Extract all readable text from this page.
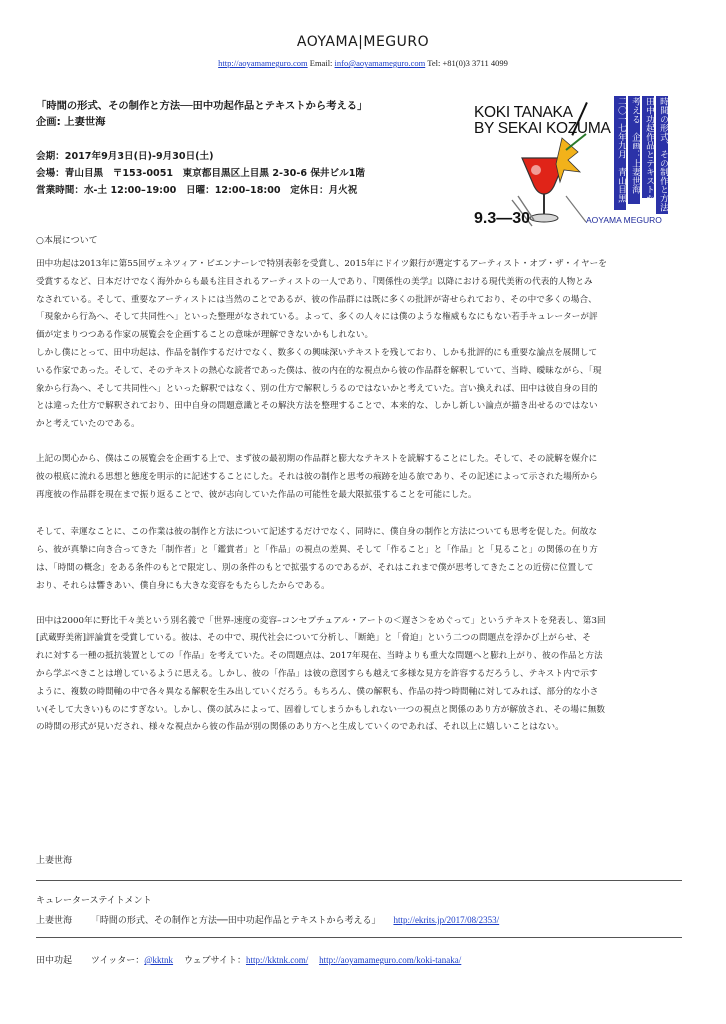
AOYAMA|MEGURO
http://aoyamameguro.com Email: info@aoyamameguro.com Tel: +81(0)3 3711 4099
「時間の形式、その制作と方法──田中功起作品とテキストから考える」
企画: 上妻世海
会期：2017年9月3日(日)-9月30日(土)
会場：青山目黒　〒153-0051　東京都目黒区上目黒 2-30-6 保井ビル1階
営業時間：水-土 12:00–19:00　日曜：12:00–18:00　定休日：月火祝
KOKI TANAKA
BY SEKAI KOZUMA 二〇一七年九月　青山目黒 考える　企画：上妻世海 田中功起作品とテキストから 時間の形式、その制作と方法
9.3—30	AOYAMA MEGURO
○本展について

田中功起は2013年に第55回ヴェネツィア・ビエンナーレで特別表彰を受賞し、2015年にドイツ銀行が選定するアーティスト・オブ・ザ・イヤーを

受賞するなど、日本だけでなく海外からも最も注目されるアーティストの一人であり、『関係性の美学』以降における現代美術の代表的人物とみ

なされている。そして、重要なアーティストには当然のことであるが、彼の作品群には既に多くの批評が寄せられており、その中で多くの場合、

「現象から行為へ、そして共同性へ」といった整理がなされている。よって、多くの人々には僕のような権威もなにもない若手キュレーターが評

価が定まりつつある作家の展覧会を企画することの意味が理解できないかもしれない。

しかし僕にとって、田中功起は、作品を制作するだけでなく、数多くの興味深いテキストを残しており、しかも批評的にも重要な論点を展開して

いる作家であった。そして、そのテキストの熱心な読者であった僕は、彼の内在的な視点から彼の作品群を解釈していて、当時、曖昧ながら、「現

象から行為へ、そして共同性へ」といった解釈ではなく、別の仕方で解釈しうるのではないかと考えていた。言い換えれば、田中は彼自身の目的

とは違った仕方で解釈されており、田中自身の問題意識とその解決方法を整理することで、本来的な、しかし新しい論点が描き出せるのではない

かと考えていたのである。

上記の関心から、僕はこの展覧会を企画する上で、まず彼の最初期の作品群と膨大なテキストを読解することにした。そして、その読解を媒介に

彼の根底に流れる思想と態度を明示的に記述することにした。それは彼の制作と思考の痕跡を辿る旅であり、その記述によって示された場所から

再度彼の作品群を現在まで振り返ることで、彼が志向していた作品の可能性を最大限拡張することを可能にした。

そして、幸運なことに、この作業は彼の制作と方法について記述するだけでなく、同時に、僕自身の制作と方法についても思考を促した。何故な

ら、彼が真摯に向き合ってきた「制作者」と「鑑賞者」と「作品」の視点の差異、そして「作ること」と「作品」と「見ること」の関係の在り方

は、「時間の概念」をある条件のもとで限定し、別の条件のもとで拡張するのであるが、それはこれまで僕が思考してきたことの近傍に位置して

おり、それらは響きあい、僕自身にも大きな変容をもたらしたからである。

田中は2000年に野比千々美という別名義で「世界-速度の変容–コンセプチュアル・アートの＜遅さ＞をめぐって」というテキストを発表し、第3回

[武蔵野美術]評論賞を受賞している。彼は、その中で、現代社会について分析し、「断絶」と「脅迫」という二つの問題点を浮かび上がらせ、そ

れに対する一種の抵抗装置としての「作品」を考えていた。その問題点は、2017年現在、当時よりも重大な問題へと膨れ上がり、彼の作品と方法

から学ぶべきことは増しているように思える。しかし、彼の「作品」は彼の意図すらも越えて多様な見方を許容するだろうし、テキスト内で示す

ように、複数の時間軸の中で各々異なる解釈を生み出していくだろう。もちろん、僕の解釈も、作品の持つ時間軸に対してみれば、部分的な小さ

い(そして大きい)ものにすぎない。しかし、僕の試みによって、固着してしまうかもしれない一つの視点と関係のあり方が解放され、その場に無数

の時間の形式が見いだされ、様々な視点から彼の作品が別の関係のあり方へと生成していくのであれば、それ以上に嬉しいことはない。

上妻世海
キュレーターステイトメント
上妻世海 「時間の形式、その制作と方法──田中功起作品とテキストから考える」 http://ekrits.jp/2017/08/2353/
田中功起 ツイッター：@kktnk ウェブサイト：http://kktnk.com/ http://aoyamameguro.com/koki-tanaka/
